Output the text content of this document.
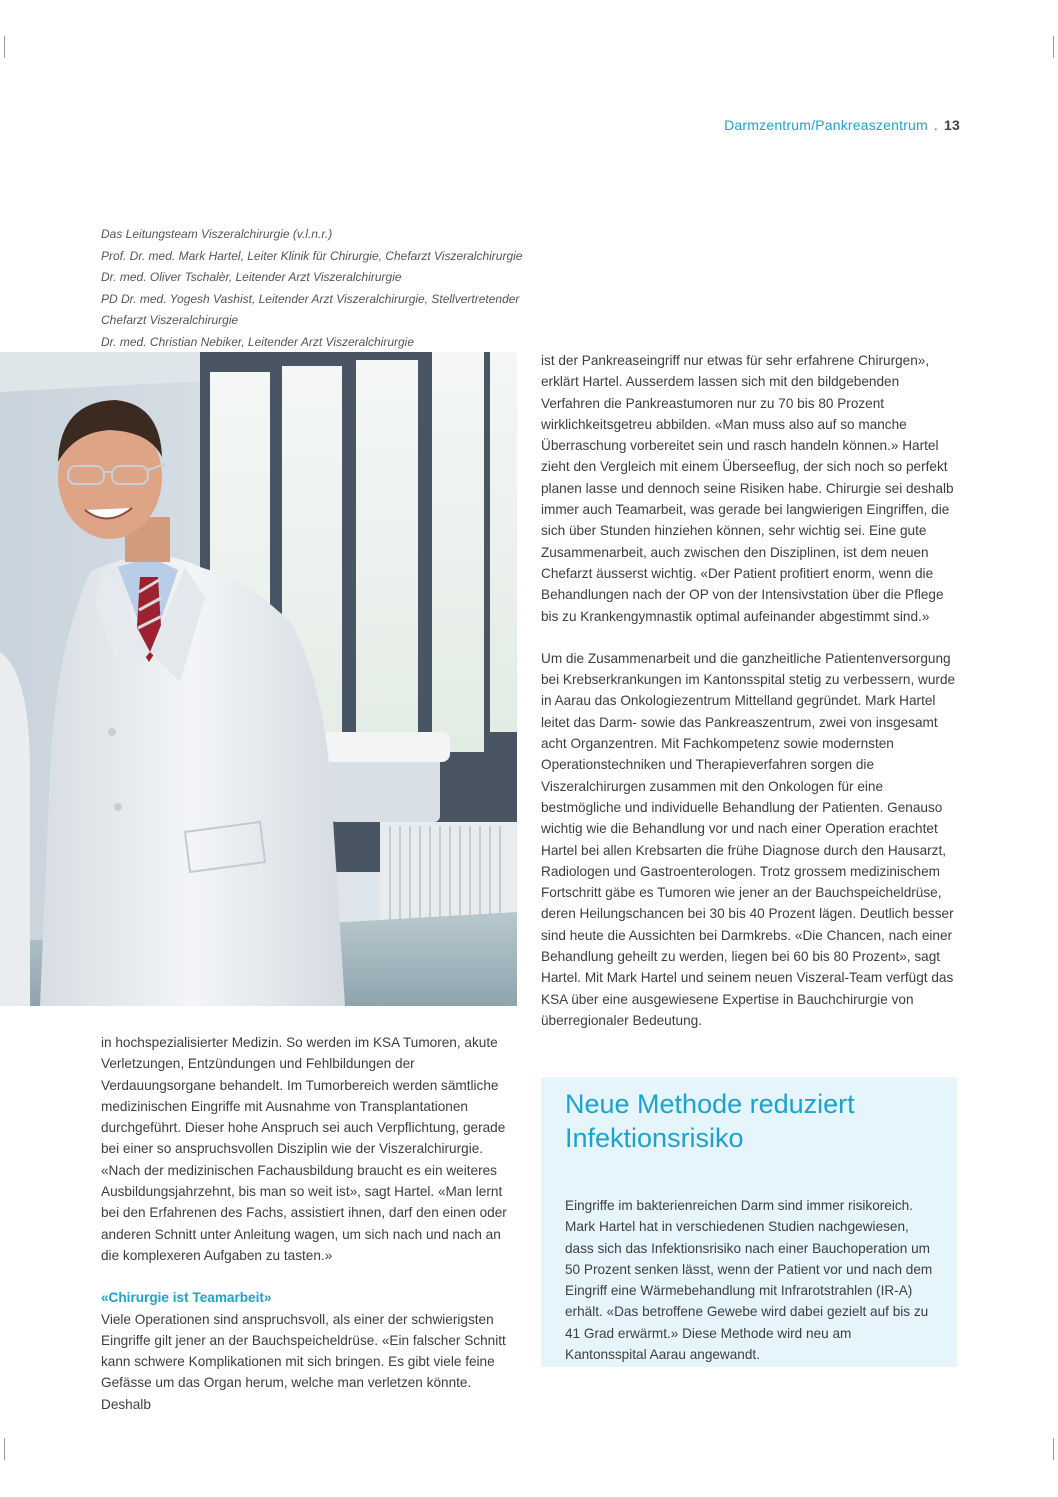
Darmzentrum/Pankreaszentrum . 13
Das Leitungsteam Viszeralchirurgie (v.l.n.r.)
Prof. Dr. med. Mark Hartel, Leiter Klinik für Chirurgie, Chefarzt Viszeralchirurgie
Dr. med. Oliver Tschalèr, Leitender Arzt Viszeralchirurgie
PD Dr. med. Yogesh Vashist, Leitender Arzt Viszeralchirurgie, Stellvertretender
Chefarzt Viszeralchirurgie
Dr. med. Christian Nebiker, Leitender Arzt Viszeralchirurgie

ist der Pankreaseingriff nur etwas für sehr erfahrene Chirurgen», erklärt Hartel. Ausserdem lassen sich mit den bildgebenden Verfahren die Pankreastumoren nur zu 70 bis 80 Prozent wirklichkeitsgetreu abbilden. «Man muss also auf so manche Überraschung vorbereitet sein und rasch handeln können.» Hartel zieht den Vergleich mit einem Überseeflug, der sich noch so perfekt planen lasse und dennoch seine Risiken habe. Chirurgie sei deshalb immer auch Teamarbeit, was gerade bei langwierigen Eingriffen, die sich über Stunden hinziehen können, sehr wichtig sei. Eine gute Zusammenarbeit, auch zwischen den Disziplinen, ist dem neuen Chefarzt äusserst wichtig. «Der Patient profitiert enorm, wenn die Behandlungen nach der OP von der Intensivstation über die Pflege bis zu Krankengymnastik optimal aufeinander abgestimmt sind.»

Um die Zusammenarbeit und die ganzheitliche Patientenversorgung bei Krebserkrankungen im Kantonsspital stetig zu verbessern, wurde in Aarau das Onkologiezentrum Mittelland gegründet. Mark Hartel leitet das Darm- sowie das Pankreaszentrum, zwei von insgesamt acht Organzentren. Mit Fachkompetenz sowie modernsten Operationstechniken und Therapieverfahren sorgen die Viszeralchirurgen zusammen mit den Onkologen für eine bestmögliche und individuelle Behandlung der Patienten. Genauso wichtig wie die Behandlung vor und nach einer Operation erachtet Hartel bei allen Krebsarten die frühe Diagnose durch den Hausarzt, Radiologen und Gastroenterologen. Trotz grossem medizinischem Fortschritt gäbe es Tumoren wie jener an der Bauchspeicheldrüse, deren Heilungschancen bei 30 bis 40 Prozent lägen. Deutlich besser sind heute die Aussichten bei Darmkrebs. «Die Chancen, nach einer Behandlung geheilt zu werden, liegen bei 60 bis 80 Prozent», sagt Hartel. Mit Mark Hartel und seinem neuen Viszeral-Team verfügt das KSA über eine ausgewiesene Expertise in Bauchchirurgie von überregionaler Bedeutung.

in hochspezialisierter Medizin. So werden im KSA Tumoren, akute Verletzungen, Entzündungen und Fehlbildungen der Verdauungsorgane behandelt. Im Tumorbereich werden sämtliche medizinischen Eingriffe mit Ausnahme von Transplantationen durchgeführt. Dieser hohe Anspruch sei auch Verpflichtung, gerade bei einer so anspruchsvollen Disziplin wie der Viszeralchirurgie. «Nach der medizinischen Fachausbildung braucht es ein weiteres Ausbildungsjahrzehnt, bis man so weit ist», sagt Hartel. «Man lernt bei den Erfahrenen des Fachs, assistiert ihnen, darf den einen oder anderen Schnitt unter Anleitung wagen, um sich nach und nach an die komplexeren Aufgaben zu tasten.»

«Chirurgie ist Teamarbeit»

Viele Operationen sind anspruchsvoll, als einer der schwierigsten Eingriffe gilt jener an der Bauchspeicheldrüse. «Ein falscher Schnitt kann schwere Komplikationen mit sich bringen. Es gibt viele feine Gefässe um das Organ herum, welche man verletzen könnte. Deshalb

Neue Methode reduziert Infektionsrisiko

Eingriffe im bakterienreichen Darm sind immer risikoreich. Mark Hartel hat in verschiedenen Studien nachgewiesen, dass sich das Infektionsrisiko nach einer Bauchoperation um 50 Prozent senken lässt, wenn der Patient vor und nach dem Eingriff eine Wärmebehandlung mit Infrarotstrahlen (IR-A) erhält. «Das betroffene Gewebe wird dabei gezielt auf bis zu 41 Grad erwärmt.» Diese Methode wird neu am Kantonsspital Aarau angewandt.
